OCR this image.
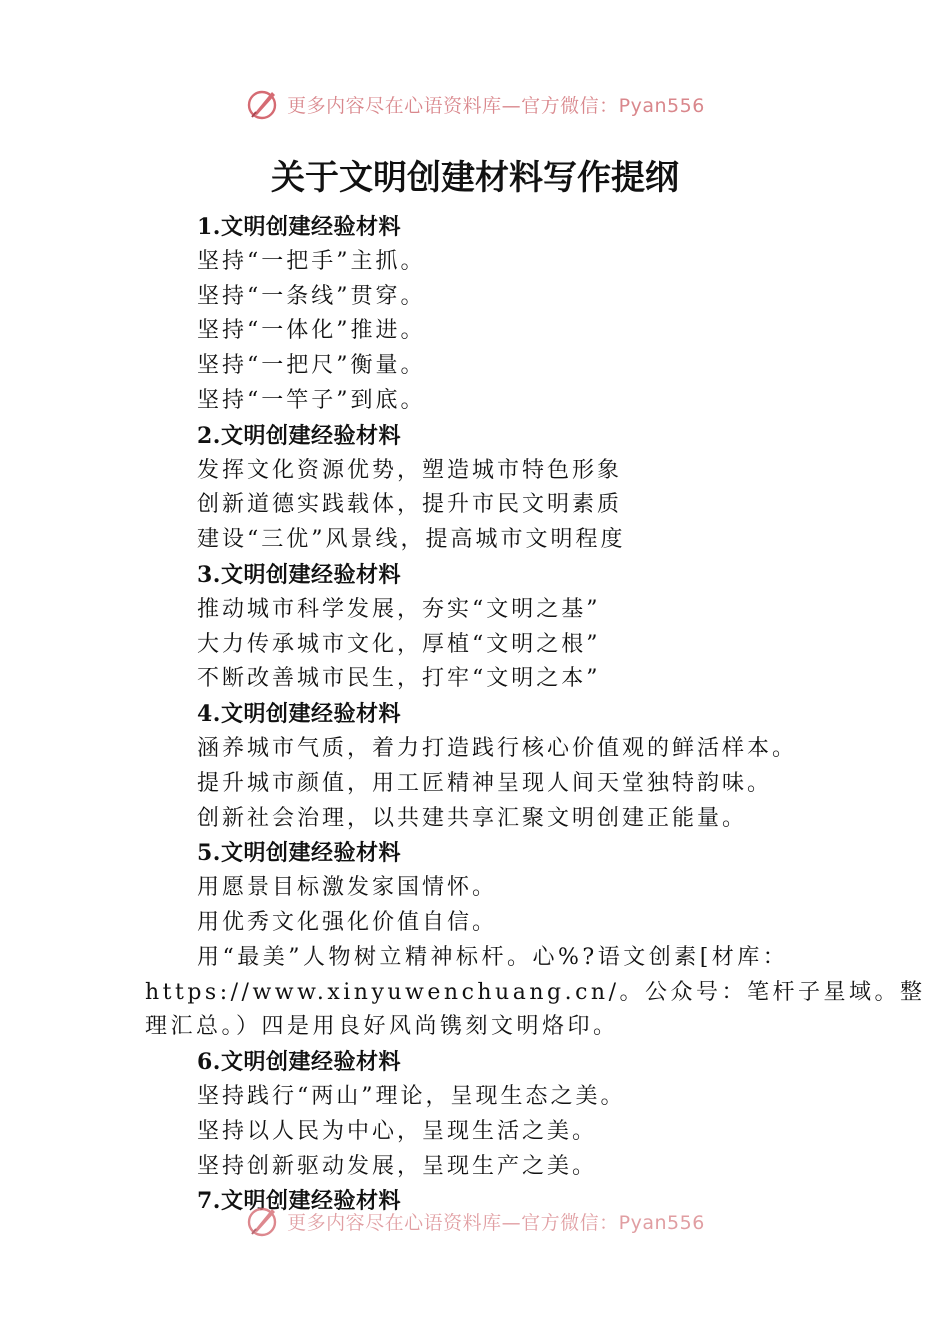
更多内容尽在心语资料库—官方微信：Pyan556
关于文明创建材料写作提纲
1.文明创建经验材料
坚持“一把手”主抓。
坚持“一条线”贯穿。
坚持“一体化”推进。
坚持“一把尺”衡量。
坚持“一竿子”到底。
2.文明创建经验材料
发挥文化资源优势，塑造城市特色形象
创新道德实践载体，提升市民文明素质
建设“三优”风景线，提高城市文明程度
3.文明创建经验材料
推动城市科学发展，夯实“文明之基”
大力传承城市文化，厚植“文明之根”
不断改善城市民生，打牢“文明之本”
4.文明创建经验材料
涵养城市气质，着力打造践行核心价值观的鲜活样本。
提升城市颜值，用工匠精神呈现人间天堂独特韵味。
创新社会治理，以共建共享汇聚文明创建正能量。
5.文明创建经验材料
用愿景目标激发家国情怀。
用优秀文化强化价值自信。
用“最美”人物树立精神标杆。心%?语文创素[材库：
https://www.xinyuwenchuang.cn/。公众号：笔杆子星域。整
理汇总。）四是用良好风尚镌刻文明烙印。
6.文明创建经验材料
坚持践行“两山”理论，呈现生态之美。
坚持以人民为中心，呈现生活之美。
坚持创新驱动发展，呈现生产之美。
7.文明创建经验材料
更多内容尽在心语资料库—官方微信：Pyan556
